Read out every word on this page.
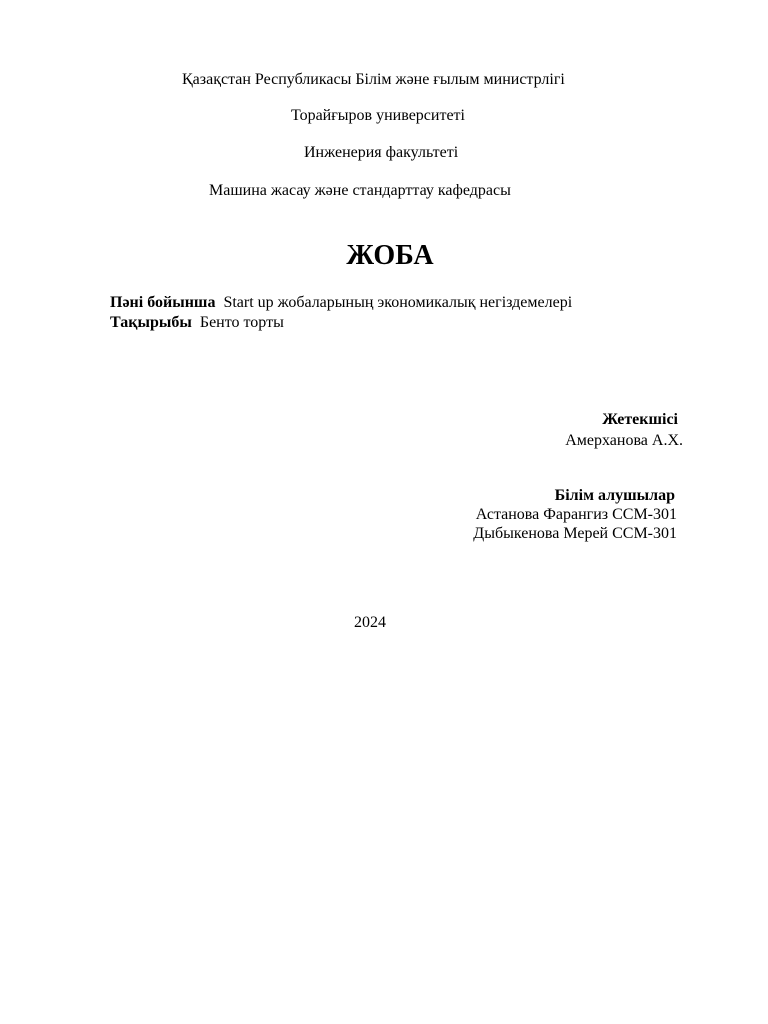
Қазақстан Республикасы Білім және ғылым министрлігі
Торайғыров университеті
Инженерия факультеті
Машина жасау және стандарттау кафедрасы
ЖОБА
Пәні бойынша Start up жобаларының экономикалық негіздемелері
Тақырыбы Бенто торты
Жетекшісі
Амерханова А.Х.
Білім алушылар
Астанова Фарангиз ССМ-301
Дыбыкенова Мерей ССМ-301
2024
